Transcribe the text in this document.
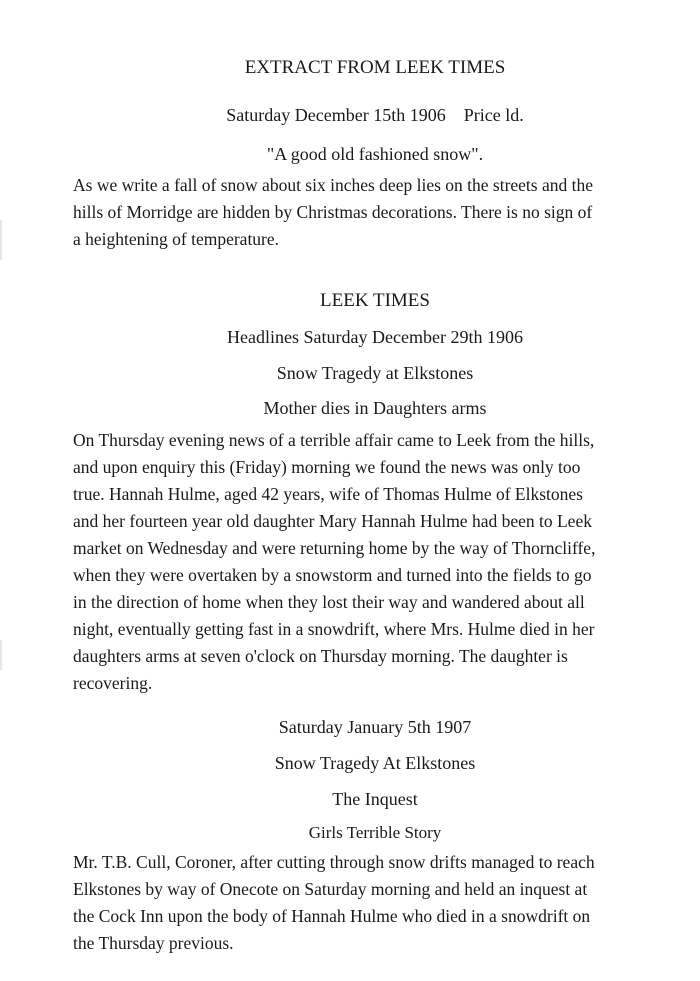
EXTRACT FROM LEEK TIMES
Saturday December 15th 1906    Price ld.
"A good old fashioned snow".
As we write a fall of snow about six inches deep lies on the streets and the
hills of Morridge are hidden by Christmas decorations. There is no sign of
a heightening of temperature.
LEEK TIMES
Headlines Saturday December 29th 1906
Snow Tragedy at Elkstones
Mother dies in Daughters arms
On Thursday evening news of a terrible affair came to Leek from the hills,
and upon enquiry this (Friday) morning we found the news was only too
true. Hannah Hulme, aged 42 years, wife of Thomas Hulme of Elkstones
and her fourteen year old daughter Mary Hannah Hulme had been to Leek
market on Wednesday and were returning home by the way of Thorncliffe,
when they were overtaken by a snowstorm and turned into the fields to go
in the direction of home when they lost their way and wandered about all
night, eventually getting fast in a snowdrift, where Mrs. Hulme died in her
daughters arms at seven o'clock on Thursday morning. The daughter is
recovering.
Saturday January 5th 1907
Snow Tragedy At Elkstones
The Inquest
Girls Terrible Story
Mr. T.B. Cull, Coroner, after cutting through snow drifts managed to reach
Elkstones by way of Onecote on Saturday morning and held an inquest at
the Cock Inn upon the body of Hannah Hulme who died in a snowdrift on
the Thursday previous.
